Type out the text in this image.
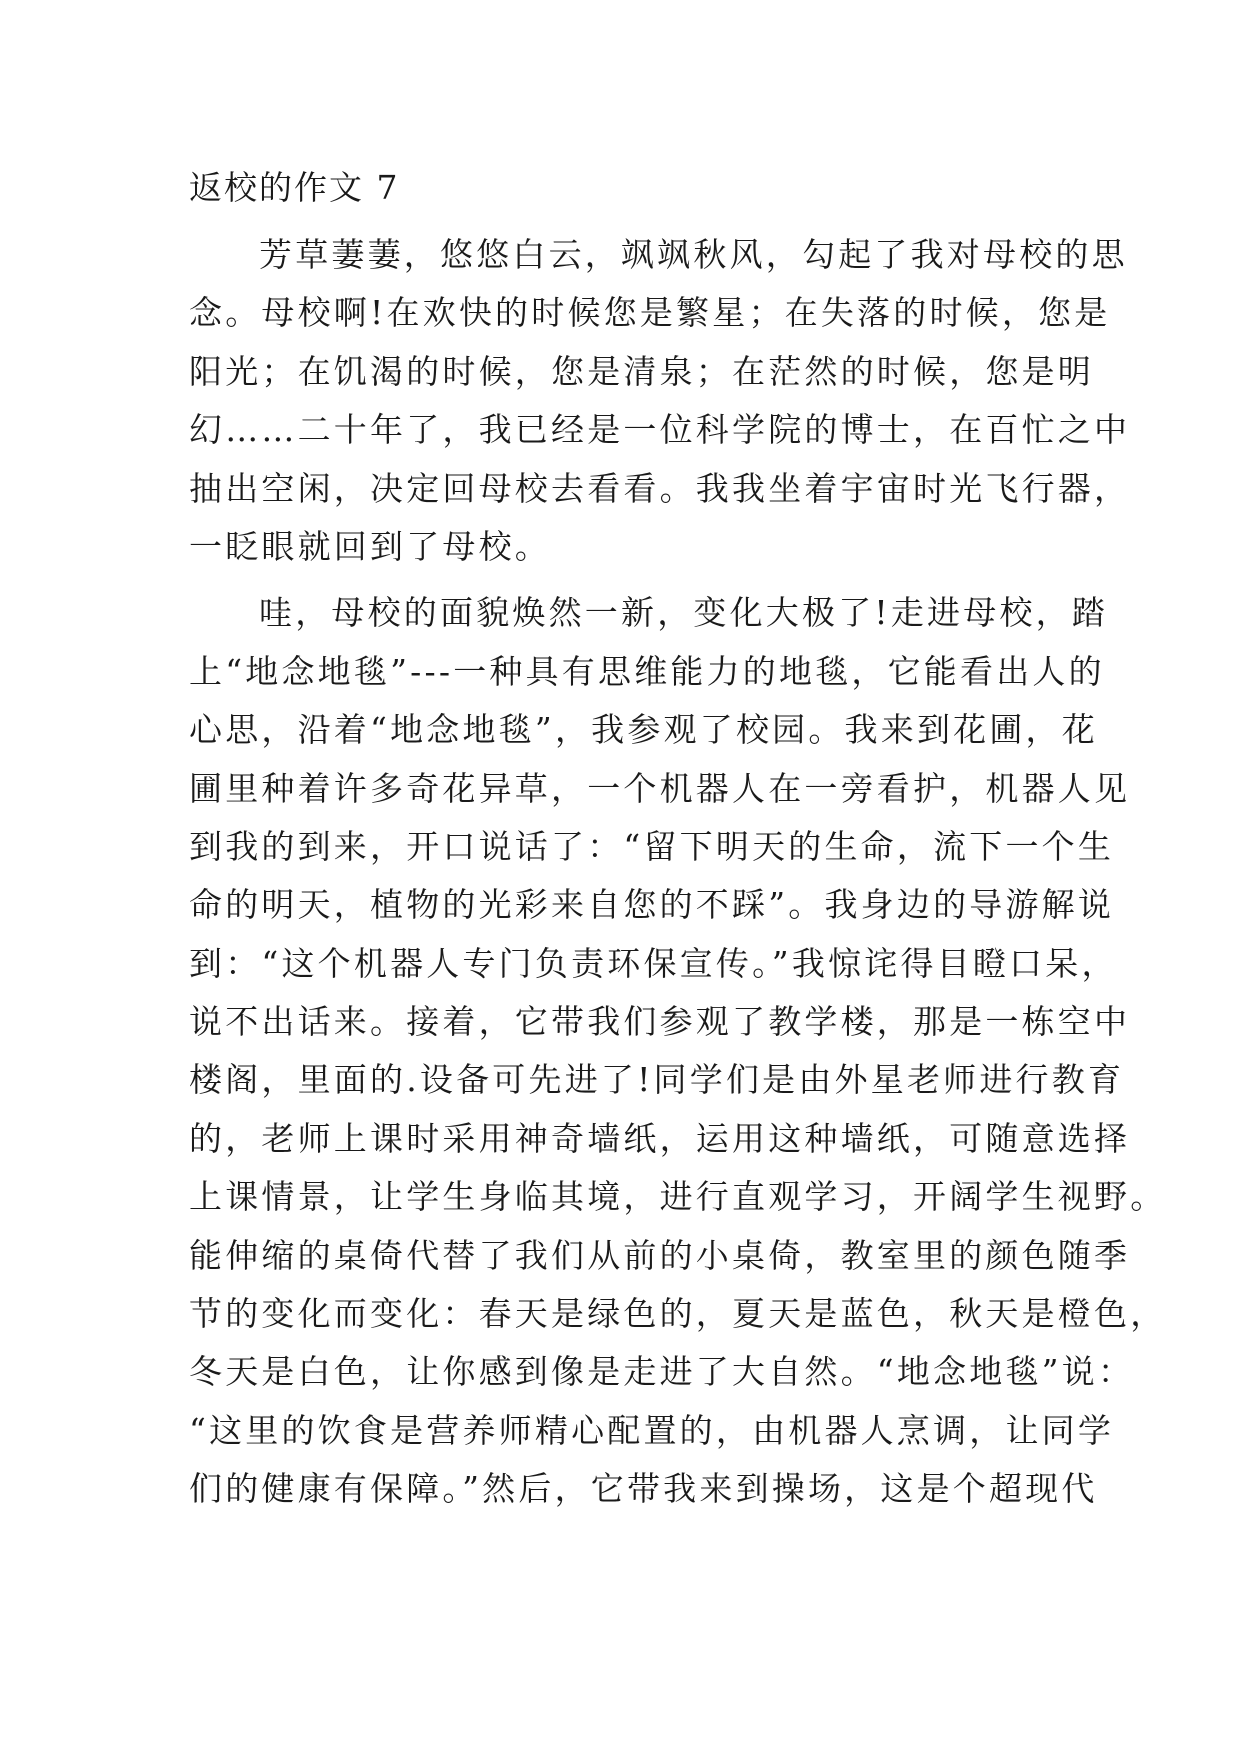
返校的作文 7
芳草萋萋，悠悠白云，飒飒秋风，勾起了我对母校的思
念。母校啊!在欢快的时候您是繁星；在失落的时候，您是
阳光；在饥渴的时候，您是清泉；在茫然的时候，您是明
幻……二十年了，我已经是一位科学院的博士，在百忙之中
抽出空闲，决定回母校去看看。我我坐着宇宙时光飞行器，
一眨眼就回到了母校。
哇，母校的面貌焕然一新，变化大极了!走进母校，踏
上“地念地毯”---一种具有思维能力的地毯，它能看出人的
心思，沿着“地念地毯”，我参观了校园。我来到花圃，花
圃里种着许多奇花异草，一个机器人在一旁看护，机器人见
到我的到来，开口说话了：“留下明天的生命，流下一个生
命的明天，植物的光彩来自您的不踩”。我身边的导游解说
到：“这个机器人专门负责环保宣传。”我惊诧得目瞪口呆，
说不出话来。接着，它带我们参观了教学楼，那是一栋空中
楼阁，里面的.设备可先进了!同学们是由外星老师进行教育
的，老师上课时采用神奇墙纸，运用这种墙纸，可随意选择
上课情景，让学生身临其境，进行直观学习，开阔学生视野。
能伸缩的桌倚代替了我们从前的小桌倚，教室里的颜色随季
节的变化而变化：春天是绿色的，夏天是蓝色，秋天是橙色，
冬天是白色，让你感到像是走进了大自然。“地念地毯”说：
“这里的饮食是营养师精心配置的，由机器人烹调，让同学
们的健康有保障。”然后，它带我来到操场，这是个超现代
